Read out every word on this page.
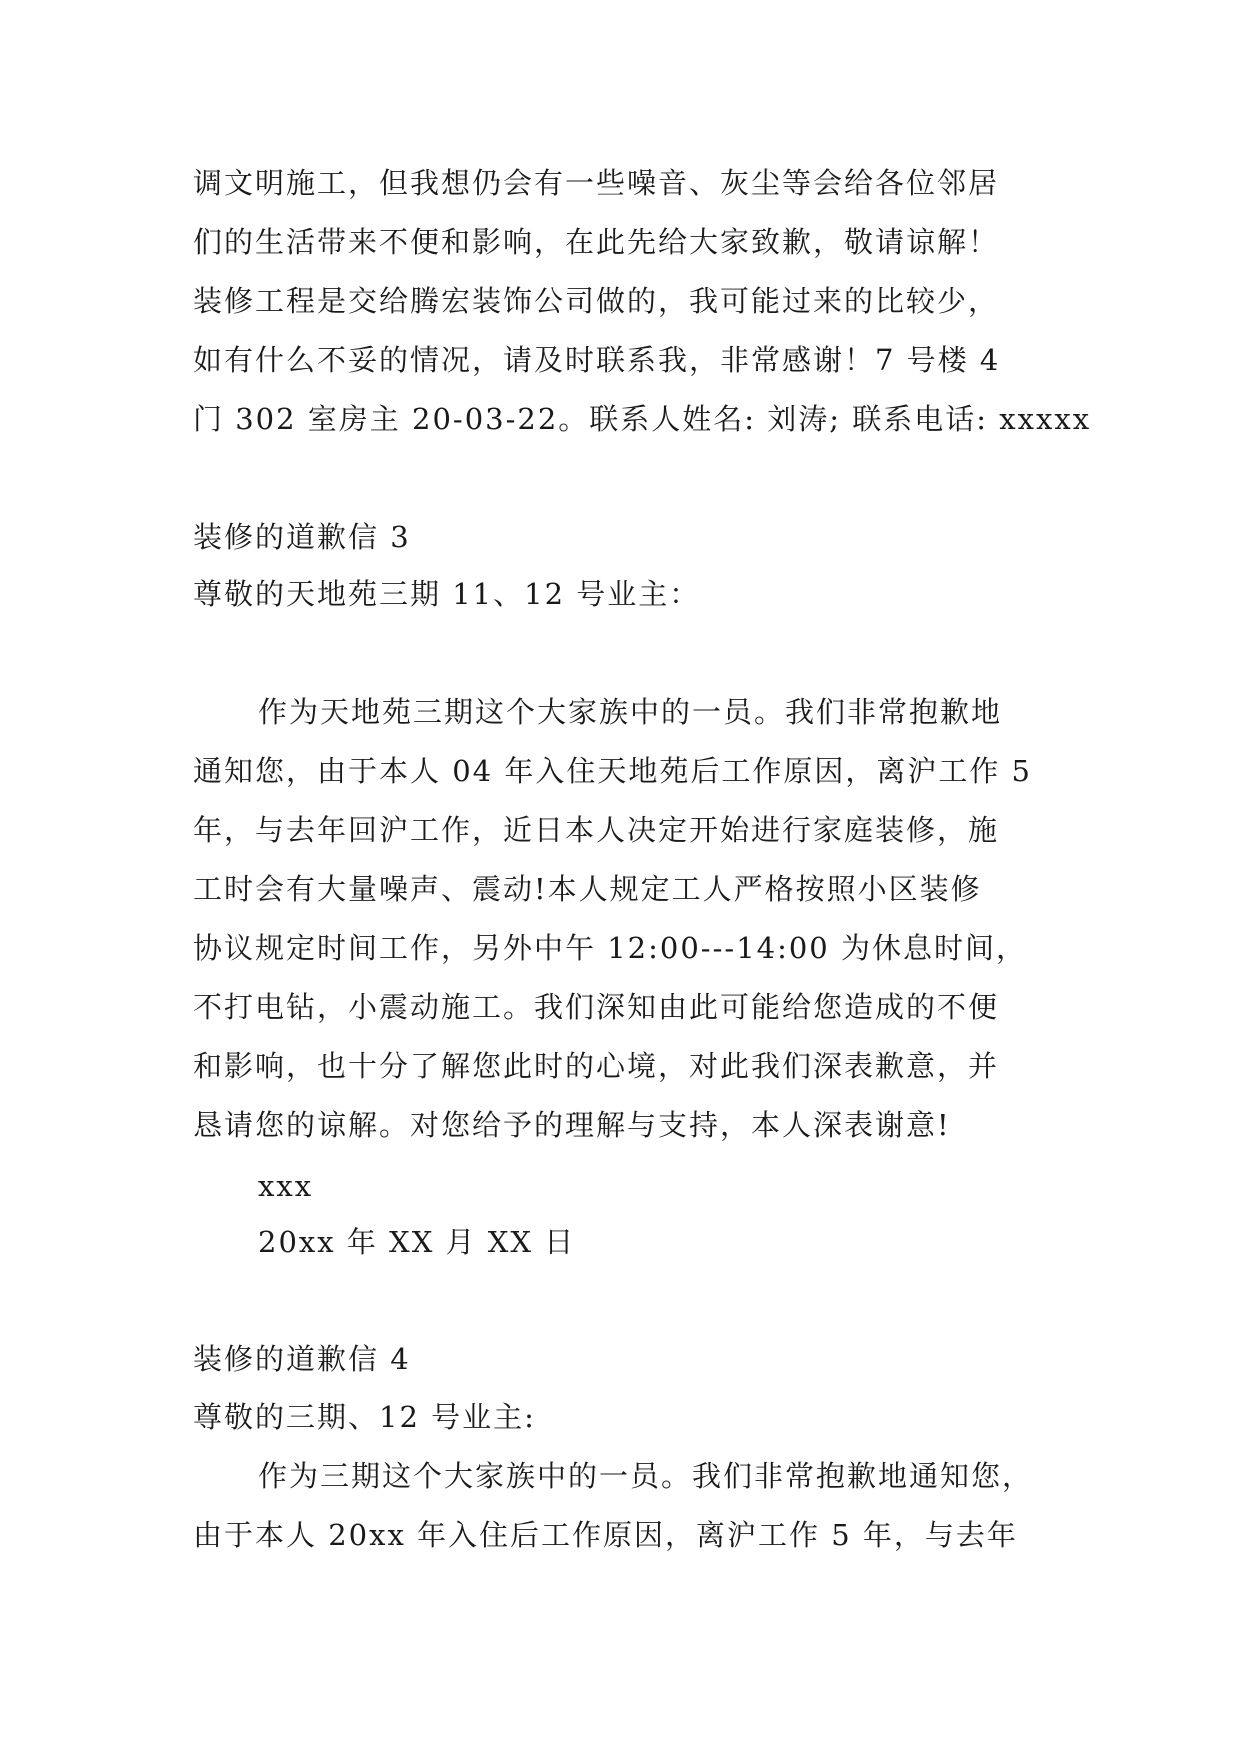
调文明施工，但我想仍会有一些噪音、灰尘等会给各位邻居
们的生活带来不便和影响，在此先给大家致歉，敬请谅解！
装修工程是交给腾宏装饰公司做的，我可能过来的比较少，
如有什么不妥的情况，请及时联系我，非常感谢！7 号楼 4
门 302 室房主 20-03-22。联系人姓名: 刘涛; 联系电话: xxxxx
装修的道歉信 3
尊敬的天地苑三期 11、12 号业主：
作为天地苑三期这个大家族中的一员。我们非常抱歉地
通知您，由于本人 04 年入住天地苑后工作原因，离沪工作 5
年，与去年回沪工作，近日本人决定开始进行家庭装修，施
工时会有大量噪声、震动!本人规定工人严格按照小区装修
协议规定时间工作，另外中午 12:00---14:00 为休息时间，
不打电钻，小震动施工。我们深知由此可能给您造成的不便
和影响，也十分了解您此时的心境，对此我们深表歉意，并
恳请您的谅解。对您给予的理解与支持，本人深表谢意!
xxx
20xx 年 XX 月 XX 日
装修的道歉信 4
尊敬的三期、12 号业主:
作为三期这个大家族中的一员。我们非常抱歉地通知您，
由于本人 20xx 年入住后工作原因，离沪工作 5 年，与去年
